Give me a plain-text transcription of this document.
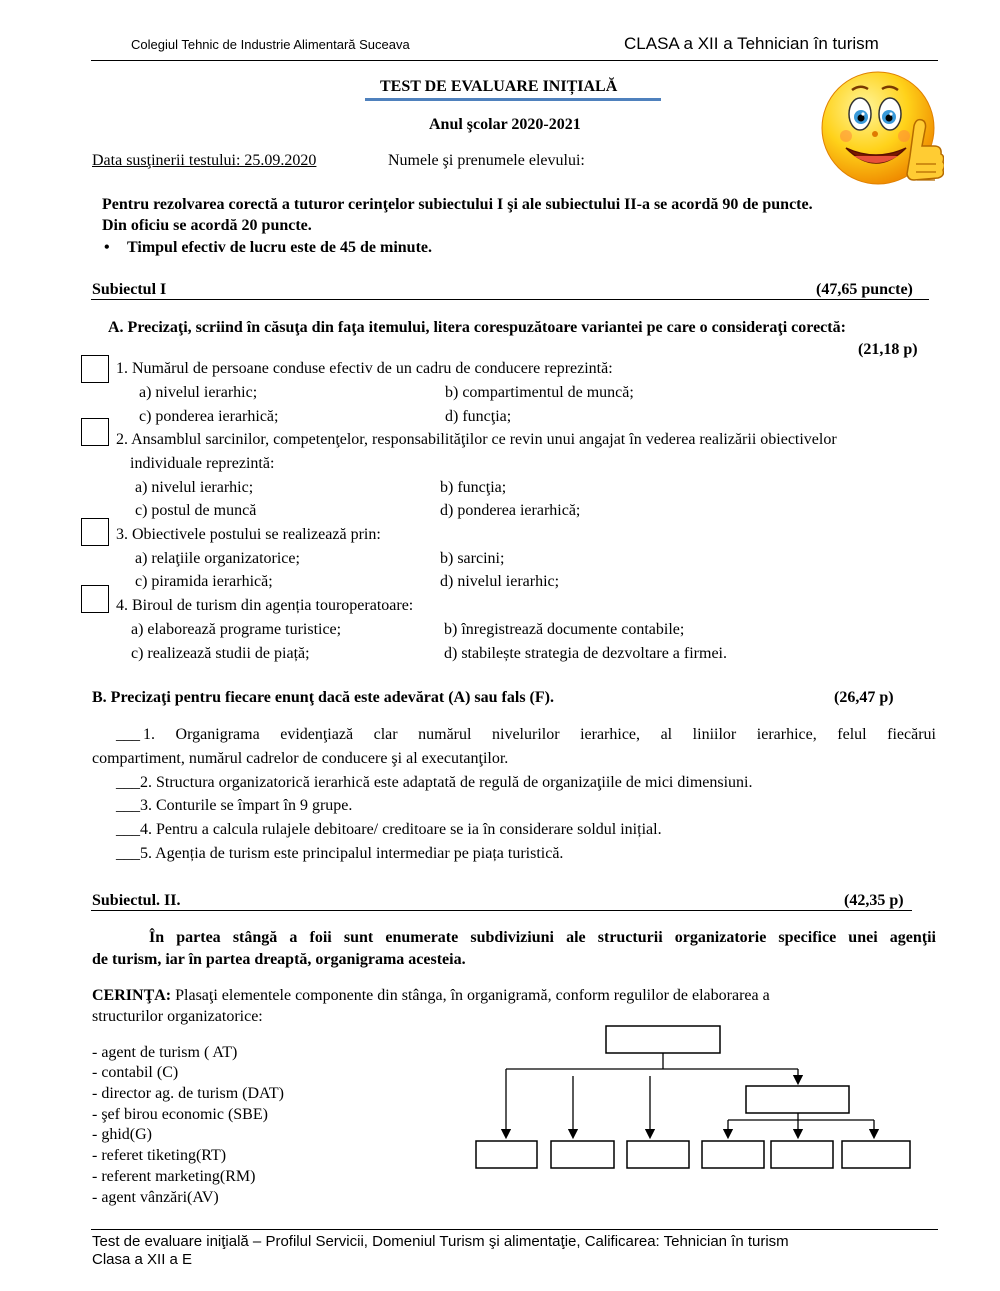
Colegiul Tehnic de Industrie Alimentară Suceava	CLASA a XII a Tehnician în turism
TEST DE EVALUARE INIȚIALĂ
Anul şcolar 2020-2021
Data susţinerii testului: 25.09.2020	Numele şi prenumele elevului:
Pentru rezolvarea corectă a tuturor cerinţelor subiectului I şi ale subiectului II-a se acordă 90 de puncte.
Din oficiu se acordă 20 puncte.
• Timpul efectiv de lucru este de 45 de minute.
Subiectul I	(47,65 puncte)
A. Precizaţi, scriind în căsuţa din faţa itemului, litera corespuzătoare variantei pe care o consideraţi corectă:
(21,18 p)
1. Numărul de persoane conduse efectiv de un cadru de conducere reprezintă:
a) nivelul ierarhic;	b) compartimentul de muncă;
c) ponderea ierarhică;	d) funcţia;
2. Ansamblul sarcinilor, competenţelor, responsabilităţilor ce revin unui angajat în vederea realizării obiectivelor
individuale reprezintă:
a) nivelul ierarhic;	b) funcţia;
c) postul de muncă	d) ponderea ierarhică;
3. Obiectivele postului se realizează prin:
a) relaţiile organizatorice;	b) sarcini;
c) piramida ierarhică;	d) nivelul ierarhic;
4. Biroul de turism din agenția touroperatoare:
a) elaborează programe turistice;	b) înregistrează documente contabile;
c) realizează studii de piață;	d) stabilește strategia de dezvoltare a firmei.
B. Precizaţi pentru fiecare enunţ dacă este adevărat (A) sau fals (F).	(26,47 p)
___ 1. Organigrama evidenţiază clar numărul nivelurilor ierarhice, al liniilor ierarhice, felul fiecărui
compartiment, numărul cadrelor de conducere şi al executanţilor.
___2. Structura organizatorică ierarhică este adaptată de regulă de organizaţiile de mici dimensiuni.
___3. Conturile se împart în 9 grupe.
___4. Pentru a calcula rulajele debitoare/ creditoare se ia în considerare soldul inițial.
___5. Agenția de turism este principalul intermediar pe piața turistică.
Subiectul. II.	(42,35 p)
În partea stângă a foii sunt enumerate subdiviziuni ale structurii organizatorie specifice unei agenţii
de turism, iar în partea dreaptă, organigrama acesteia.
CERINŢA: Plasaţi elementele componente din stânga, în organigramă, conform regulilor de elaborarea a
structurilor organizatorice:
- agent de turism ( AT)
- contabil (C)
- director ag. de turism (DAT)
- şef birou economic (SBE)
- ghid(G)
- referet tiketing(RT)
- referent marketing(RM)
- agent vânzări(AV)
Test de evaluare iniţială – Profilul Servicii, Domeniul Turism şi alimentaţie, Calificarea: Tehnician în turism
Clasa a XII a E
